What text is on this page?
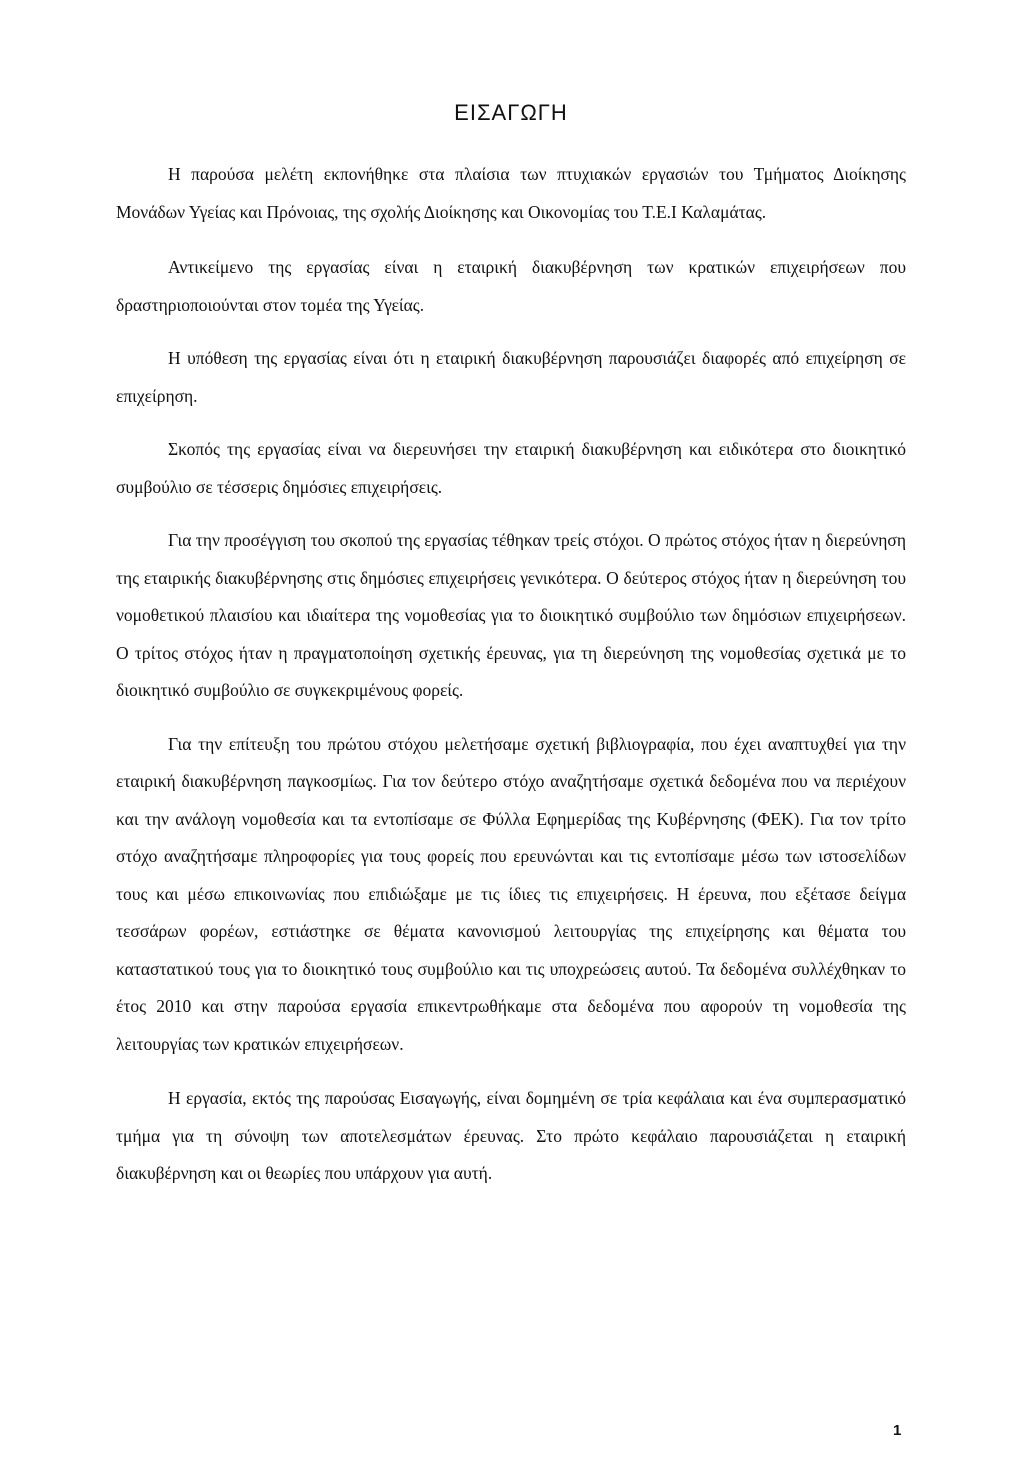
ΕΙΣΑΓΩΓΗ

Η παρούσα μελέτη εκπονήθηκε στα πλαίσια των πτυχιακών εργασιών του Τμήματος Διοίκησης Μονάδων Υγείας και Πρόνοιας, της σχολής Διοίκησης και Οικονομίας του Τ.Ε.Ι Καλαμάτας.

Αντικείμενο της εργασίας είναι η εταιρική διακυβέρνηση των κρατικών επιχειρήσεων που δραστηριοποιούνται στον τομέα της Υγείας.

Η υπόθεση της εργασίας είναι ότι η εταιρική διακυβέρνηση παρουσιάζει διαφορές από επιχείρηση σε επιχείρηση.

Σκοπός της εργασίας είναι να διερευνήσει την εταιρική διακυβέρνηση και ειδικότερα στο διοικητικό συμβούλιο σε τέσσερις δημόσιες επιχειρήσεις.

Για την προσέγγιση του σκοπού της εργασίας τέθηκαν τρείς στόχοι. Ο πρώτος στόχος ήταν η διερεύνηση της εταιρικής διακυβέρνησης στις δημόσιες επιχειρήσεις γενικότερα. Ο δεύτερος στόχος ήταν η διερεύνηση του νομοθετικού πλαισίου και ιδιαίτερα της νομοθεσίας για το διοικητικό συμβούλιο των δημόσιων επιχειρήσεων. Ο τρίτος στόχος ήταν η πραγματοποίηση σχετικής έρευνας, για τη διερεύνηση της νομοθεσίας σχετικά με το διοικητικό συμβούλιο σε συγκεκριμένους φορείς.

Για την επίτευξη του πρώτου στόχου μελετήσαμε σχετική βιβλιογραφία, που έχει αναπτυχθεί για την εταιρική διακυβέρνηση παγκοσμίως. Για τον δεύτερο στόχο αναζητήσαμε σχετικά δεδομένα που να περιέχουν και την ανάλογη νομοθεσία και τα εντοπίσαμε σε Φύλλα Εφημερίδας της Κυβέρνησης (ΦΕΚ). Για τον τρίτο στόχο αναζητήσαμε πληροφορίες για τους φορείς που ερευνώνται και τις εντοπίσαμε μέσω των ιστοσελίδων τους και μέσω επικοινωνίας που επιδιώξαμε με τις ίδιες τις επιχειρήσεις. Η έρευνα, που εξέτασε δείγμα τεσσάρων φορέων, εστιάστηκε σε θέματα κανονισμού λειτουργίας της επιχείρησης και θέματα του καταστατικού τους για το διοικητικό τους συμβούλιο και τις υποχρεώσεις αυτού. Τα δεδομένα συλλέχθηκαν το έτος 2010 και στην παρούσα εργασία επικεντρωθήκαμε στα δεδομένα που αφορούν τη νομοθεσία της λειτουργίας των κρατικών επιχειρήσεων.

Η εργασία, εκτός της παρούσας Εισαγωγής, είναι δομημένη σε τρία κεφάλαια και ένα συμπερασματικό τμήμα για τη σύνοψη των αποτελεσμάτων έρευνας. Στο πρώτο κεφάλαιο παρουσιάζεται η εταιρική διακυβέρνηση και οι θεωρίες που υπάρχουν για αυτή.

1
